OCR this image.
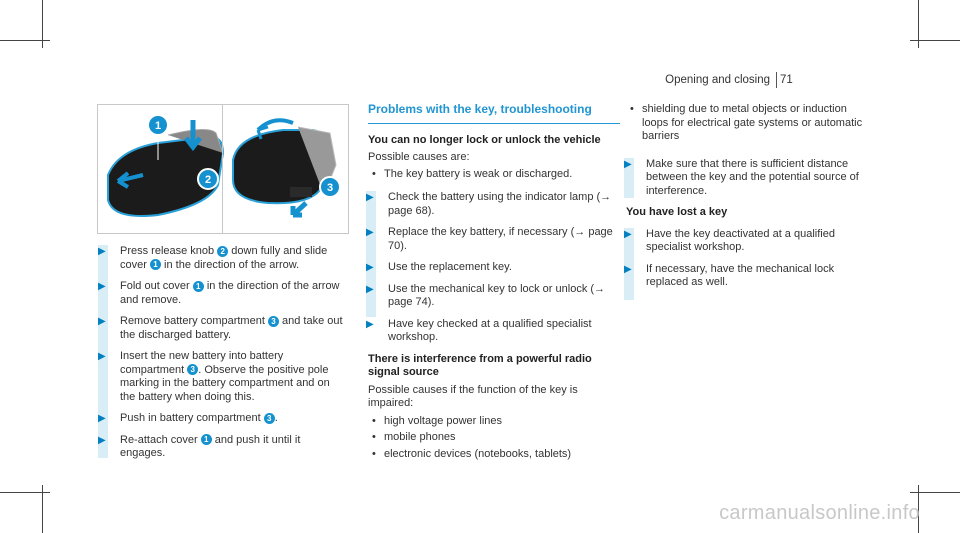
Opening and closing 71
1
2
3
▶ Press release knob 2 down fully and slide cover 1 in the direction of the arrow.
▶ Fold out cover 1 in the direction of the arrow and remove.
▶ Remove battery compartment 3 and take out the discharged battery.
▶ Insert the new battery into battery compartment 3 . Observe the positive pole marking in the battery compartment and on the battery when doing this.
▶ Push in battery compartment 3 .
▶ Re-attach cover 1 and push it until it engages.
Problems with the key, troubleshooting
You can no longer lock or unlock the vehicle
Possible causes are:
• The key battery is weak or discharged.
▶ Check the battery using the indicator lamp (→ page 68).
▶ Replace the key battery, if necessary (→ page 70).
▶ Use the replacement key.
▶ Use the mechanical key to lock or unlock (→ page 74).
▶ Have key checked at a qualified specialist workshop.
There is interference from a powerful radio signal source
Possible causes if the function of the key is impaired:
• high voltage power lines
• mobile phones
• electronic devices (notebooks, tablets)
• shielding due to metal objects or induction loops for electrical gate systems or automatic barriers
▶ Make sure that there is sufficient distance between the key and the potential source of interference.
You have lost a key
▶ Have the key deactivated at a qualified specialist workshop.
▶ If necessary, have the mechanical lock replaced as well.
carmanualsonline.info
